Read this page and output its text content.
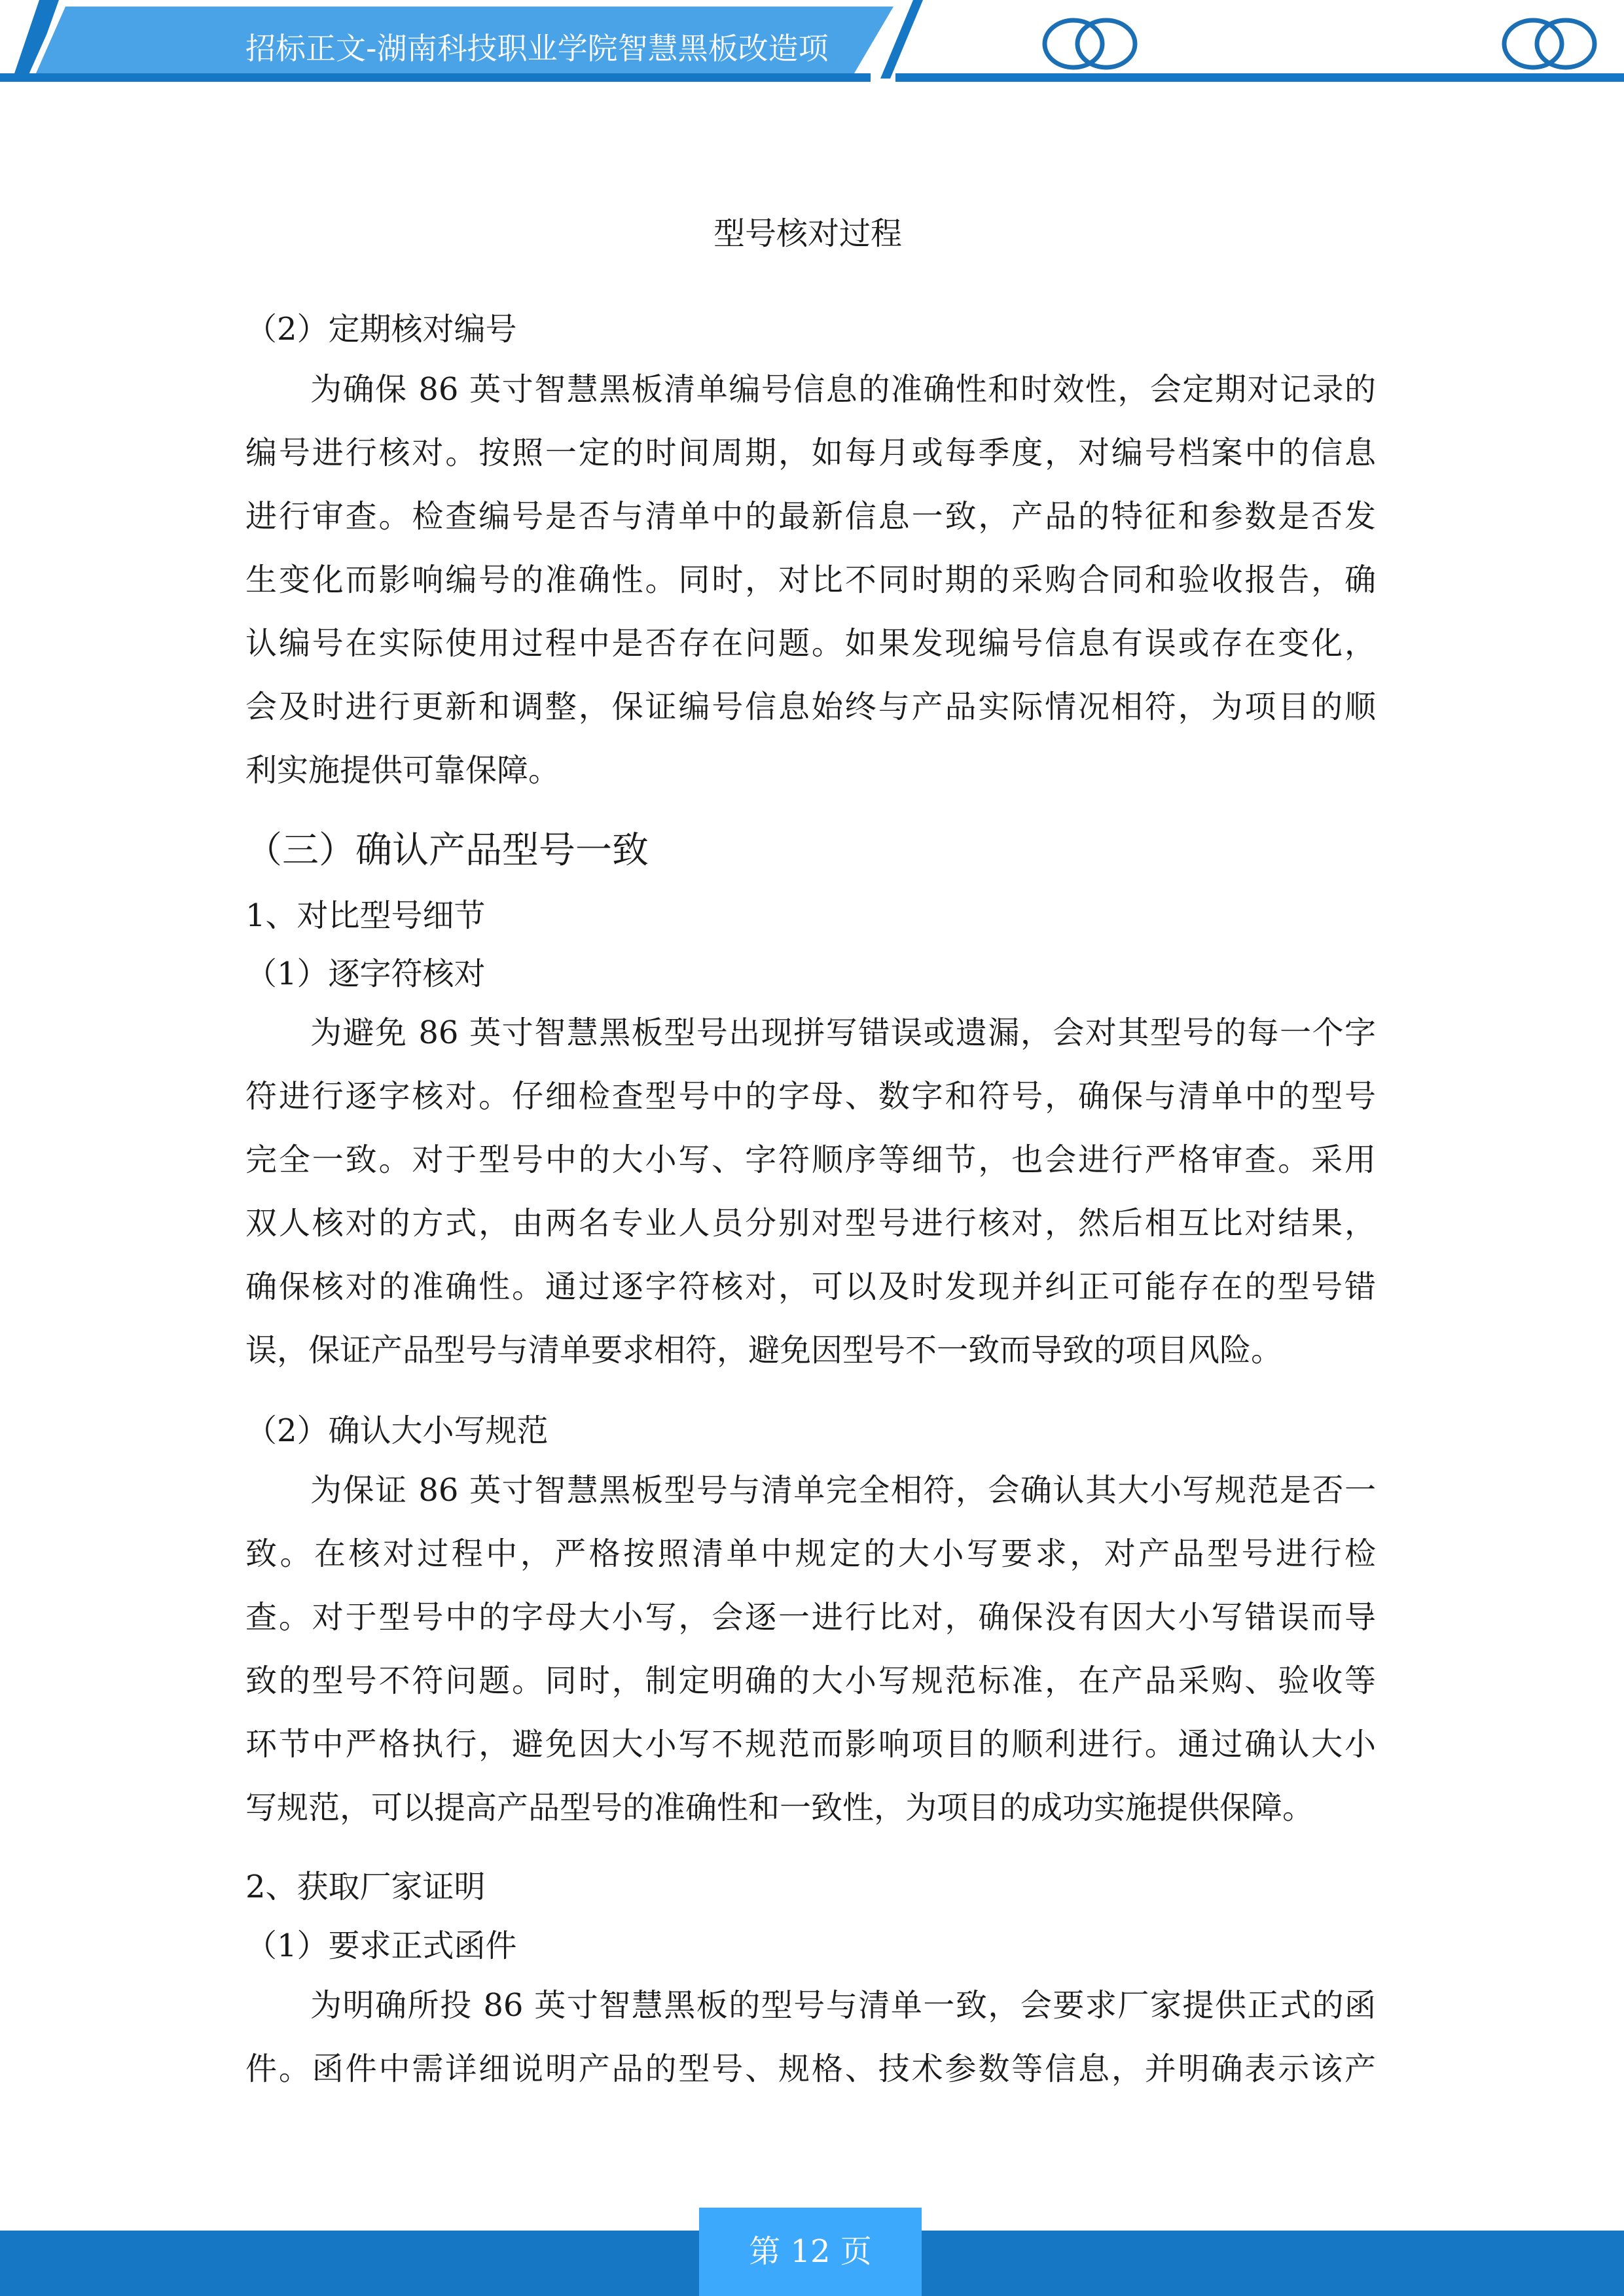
招标正文-湖南科技职业学院智慧黑板改造项
型号核对过程
（2）定期核对编号
　　为确保 86 英寸智慧黑板清单编号信息的准确性和时效性，会定期对记录的
编号进行核对。按照一定的时间周期，如每月或每季度，对编号档案中的信息
进行审查。检查编号是否与清单中的最新信息一致，产品的特征和参数是否发
生变化而影响编号的准确性。同时，对比不同时期的采购合同和验收报告，确
认编号在实际使用过程中是否存在问题。如果发现编号信息有误或存在变化，
会及时进行更新和调整，保证编号信息始终与产品实际情况相符，为项目的顺
利实施提供可靠保障。
（三）确认产品型号一致
1、对比型号细节
（1）逐字符核对
　　为避免 86 英寸智慧黑板型号出现拼写错误或遗漏，会对其型号的每一个字
符进行逐字核对。仔细检查型号中的字母、数字和符号，确保与清单中的型号
完全一致。对于型号中的大小写、字符顺序等细节，也会进行严格审查。采用
双人核对的方式，由两名专业人员分别对型号进行核对，然后相互比对结果，
确保核对的准确性。通过逐字符核对，可以及时发现并纠正可能存在的型号错
误，保证产品型号与清单要求相符，避免因型号不一致而导致的项目风险。
（2）确认大小写规范
　　为保证 86 英寸智慧黑板型号与清单完全相符，会确认其大小写规范是否一
致。在核对过程中，严格按照清单中规定的大小写要求，对产品型号进行检
查。对于型号中的字母大小写，会逐一进行比对，确保没有因大小写错误而导
致的型号不符问题。同时，制定明确的大小写规范标准，在产品采购、验收等
环节中严格执行，避免因大小写不规范而影响项目的顺利进行。通过确认大小
写规范，可以提高产品型号的准确性和一致性，为项目的成功实施提供保障。
2、获取厂家证明
（1）要求正式函件
　　为明确所投 86 英寸智慧黑板的型号与清单一致，会要求厂家提供正式的函
件。函件中需详细说明产品的型号、规格、技术参数等信息，并明确表示该产
第 12 页
